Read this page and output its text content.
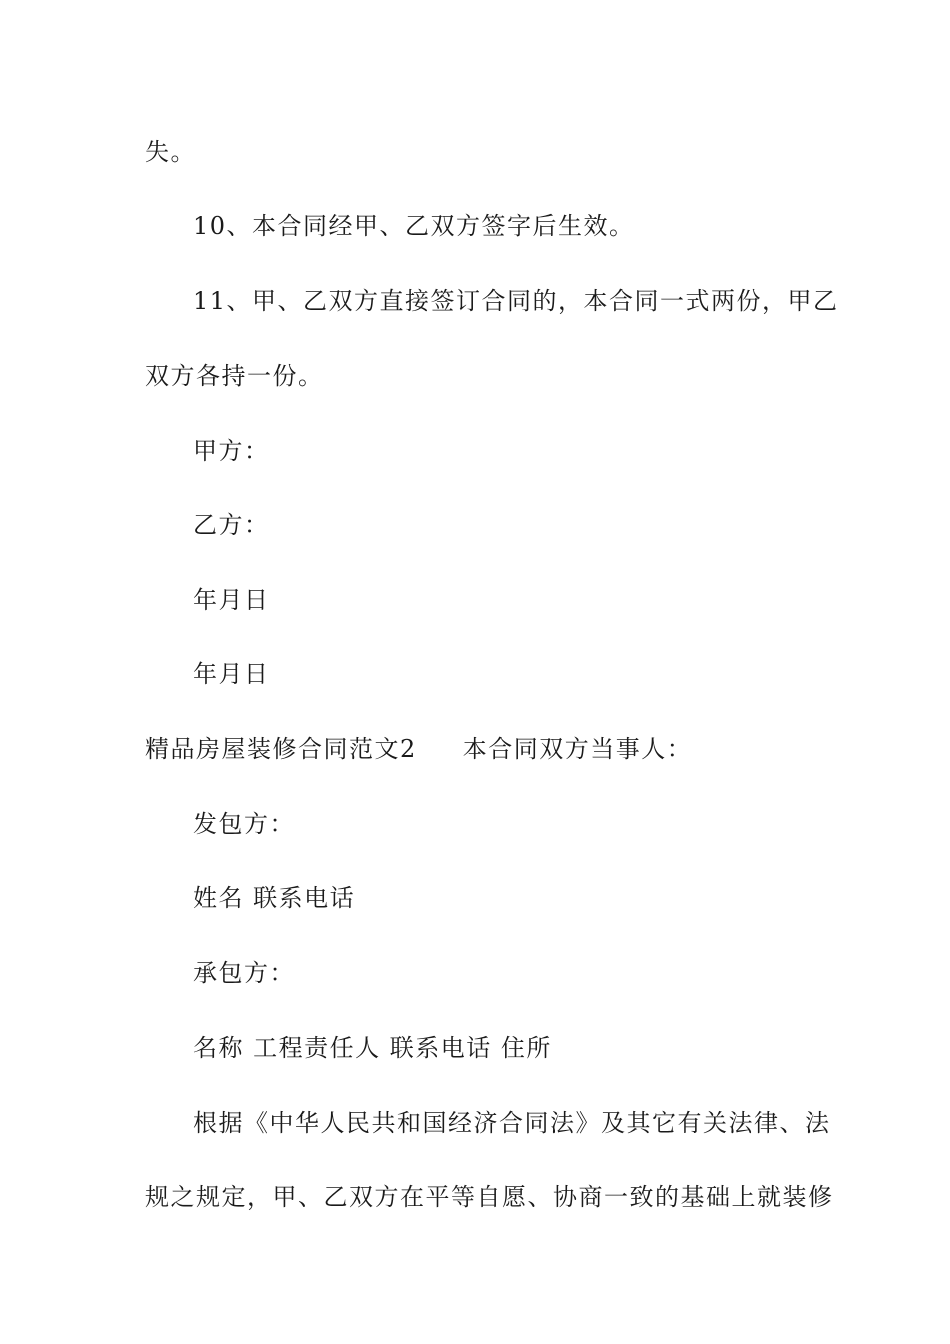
失。
10、本合同经甲、乙双方签字后生效。
11、甲、乙双方直接签订合同的，本合同一式两份，甲乙
双方各持一份。
甲方：
乙方：
年月日
年月日
精品房屋装修合同范文2 本合同双方当事人：
发包方：
姓名 联系电话
承包方：
名称 工程责任人 联系电话 住所
根据《中华人民共和国经济合同法》及其它有关法律、法
规之规定，甲、乙双方在平等自愿、协商一致的基础上就装修
